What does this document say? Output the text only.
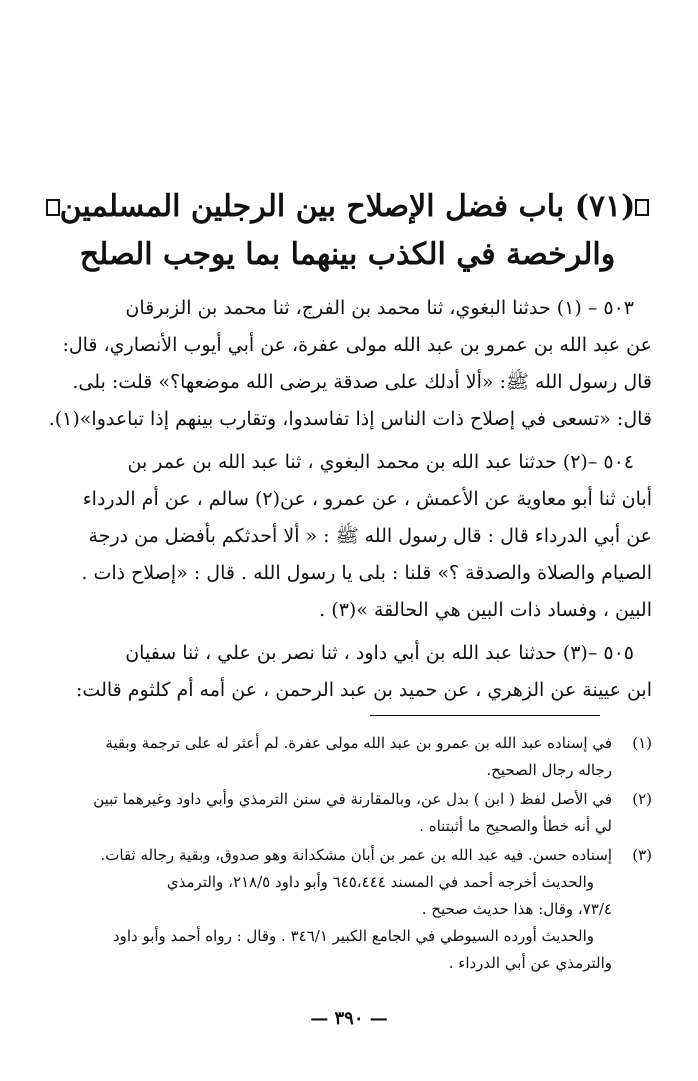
(٧١) باب فضل الإصلاح بين الرجلين المسلمين
والرخصة في الكذب بينهما بما يوجب الصلح
٥٠٣ – (١) حدثنا البغوي، ثنا محمد بن الفرج، ثنا محمد بن الزبرقان
عن عبد الله بن عمرو بن عبد الله مولى عفرة، عن أبي أيوب الأنصاري، قال:
قال رسول الله ﷺ: «ألا أدلك على صدقة يرضى الله موضعها؟» قلت: بلى.
قال: «تسعى في إصلاح ذات الناس إذا تفاسدوا، وتقارب بينهم إذا تباعدوا»(١).
٥٠٤ –(٢) حدثنا عبد الله بن محمد البغوي ، ثنا عبد الله بن عمر بن
أبان ثنا أبو معاوية عن الأعمش ، عن عمرو ، عن(٢) سالم ، عن أم الدرداء
عن أبي الدرداء قال : قال رسول الله ﷺ : « ألا أحدثكم بأفضل من درجة
الصيام والصلاة والصدقة ؟» قلنا : بلى يا رسول الله . قال : «إصلاح ذات .
البين ، وفساد ذات البين هي الحالقة »(٣) .
٥٠٥ –(٣) حدثنا عبد الله بن أبي داود ، ثنا نصر بن علي ، ثنا سفيان
ابن عيينة عن الزهري ، عن حميد بن عبد الرحمن ، عن أمه أم كلثوم قالت:
(١)
في إسناده عبد الله بن عمرو بن عبد الله مولى عفرة. لم أعثر له على ترجمة وبقية
رجاله رجال الصحيح.
(٢)
في الأصل لفظ ( ابن ) بدل عن، وبالمقارنة في سنن الترمذي وأبي داود وغيرهما تبين
لي أنه خطأ والصحيح ما أثبتناه .
(٣)
إسناده حسن. فيه عبد الله بن عمر بن أبان مشكدانة وهو صدوق، وبقية رجاله ثقات.
والحديث أخرجه أحمد في المسند ٦٤٥،٤٤٤ وأبو داود ٢١٨/٥، والترمذي
٧٣/٤، وقال: هذا حديث صحيح .
والحديث أورده السيوطي في الجامع الكبير ٣٤٦/١ . وقال : رواه أحمد وأبو داود
والترمذي عن أبي الدرداء .
— ٣٩٠ —
